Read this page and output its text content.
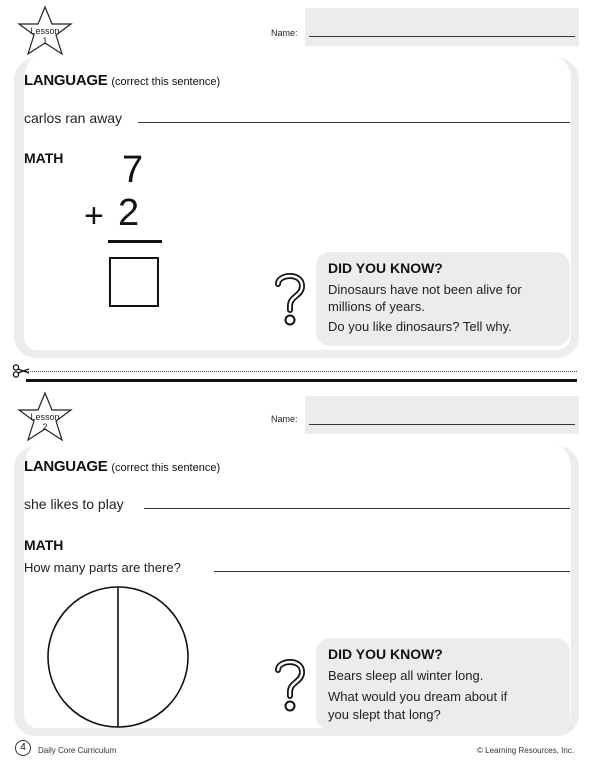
Lesson
1
Name:
LANGUAGE (correct this sentence)
carlos ran away
MATH 7
+ 2
DID YOU KNOW?
Dinosaurs have not been alive for
millions of years.
Do you like dinosaurs? Tell why.
Lesson
2
Name:
LANGUAGE (correct this sentence)
she likes to play
MATH
How many parts are there?
DID YOU KNOW?
Bears sleep all winter long.
What would you dream about if
you slept that long?
4	Daily Core Curriculum	© Learning Resources, Inc.
